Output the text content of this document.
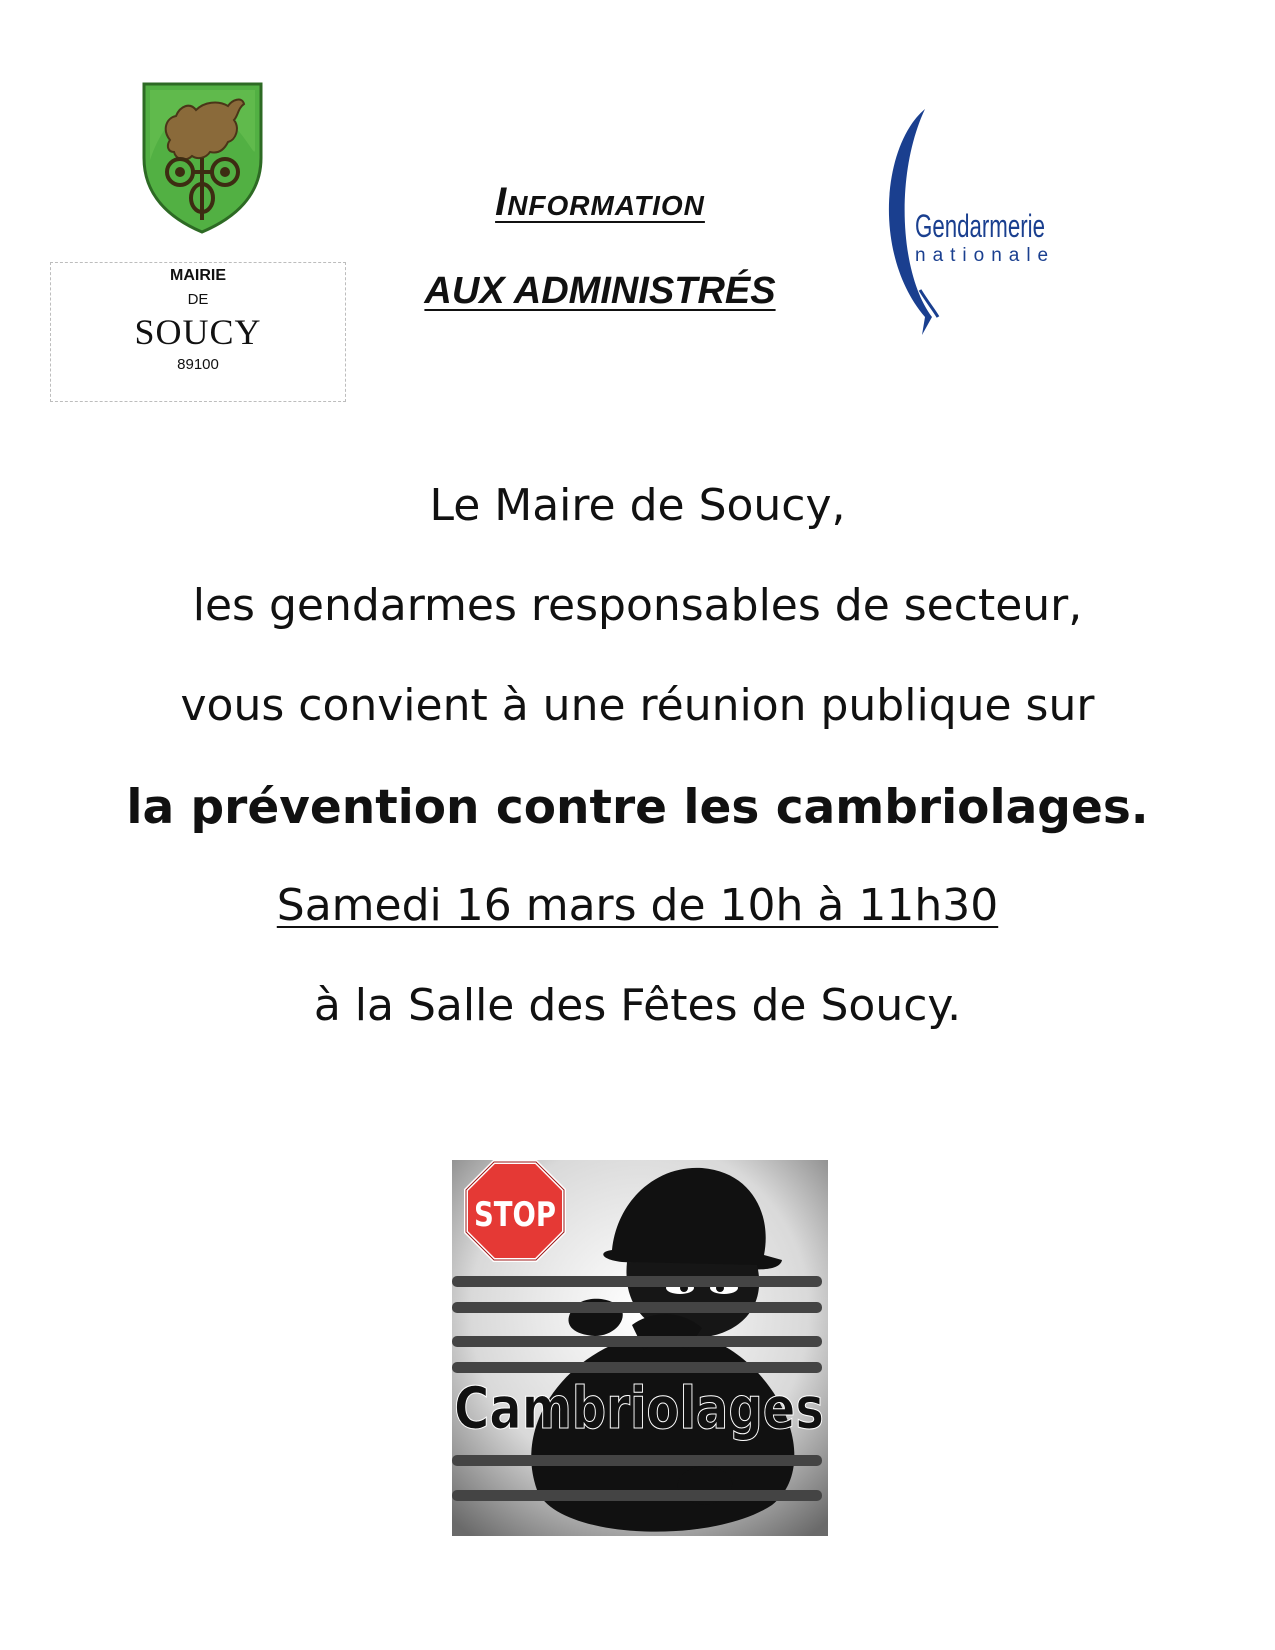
MAIRIE
DE
SOUCY
89100
Information
AUX ADMINISTRÉS
Gendarmerie
nationale
Le Maire de Soucy,
les gendarmes responsables de secteur,
vous convient à une réunion publique sur
la prévention contre les cambriolages.
Samedi 16 mars de 10h à 11h30
à la Salle des Fêtes de Soucy.
Cambriolages
STOP
